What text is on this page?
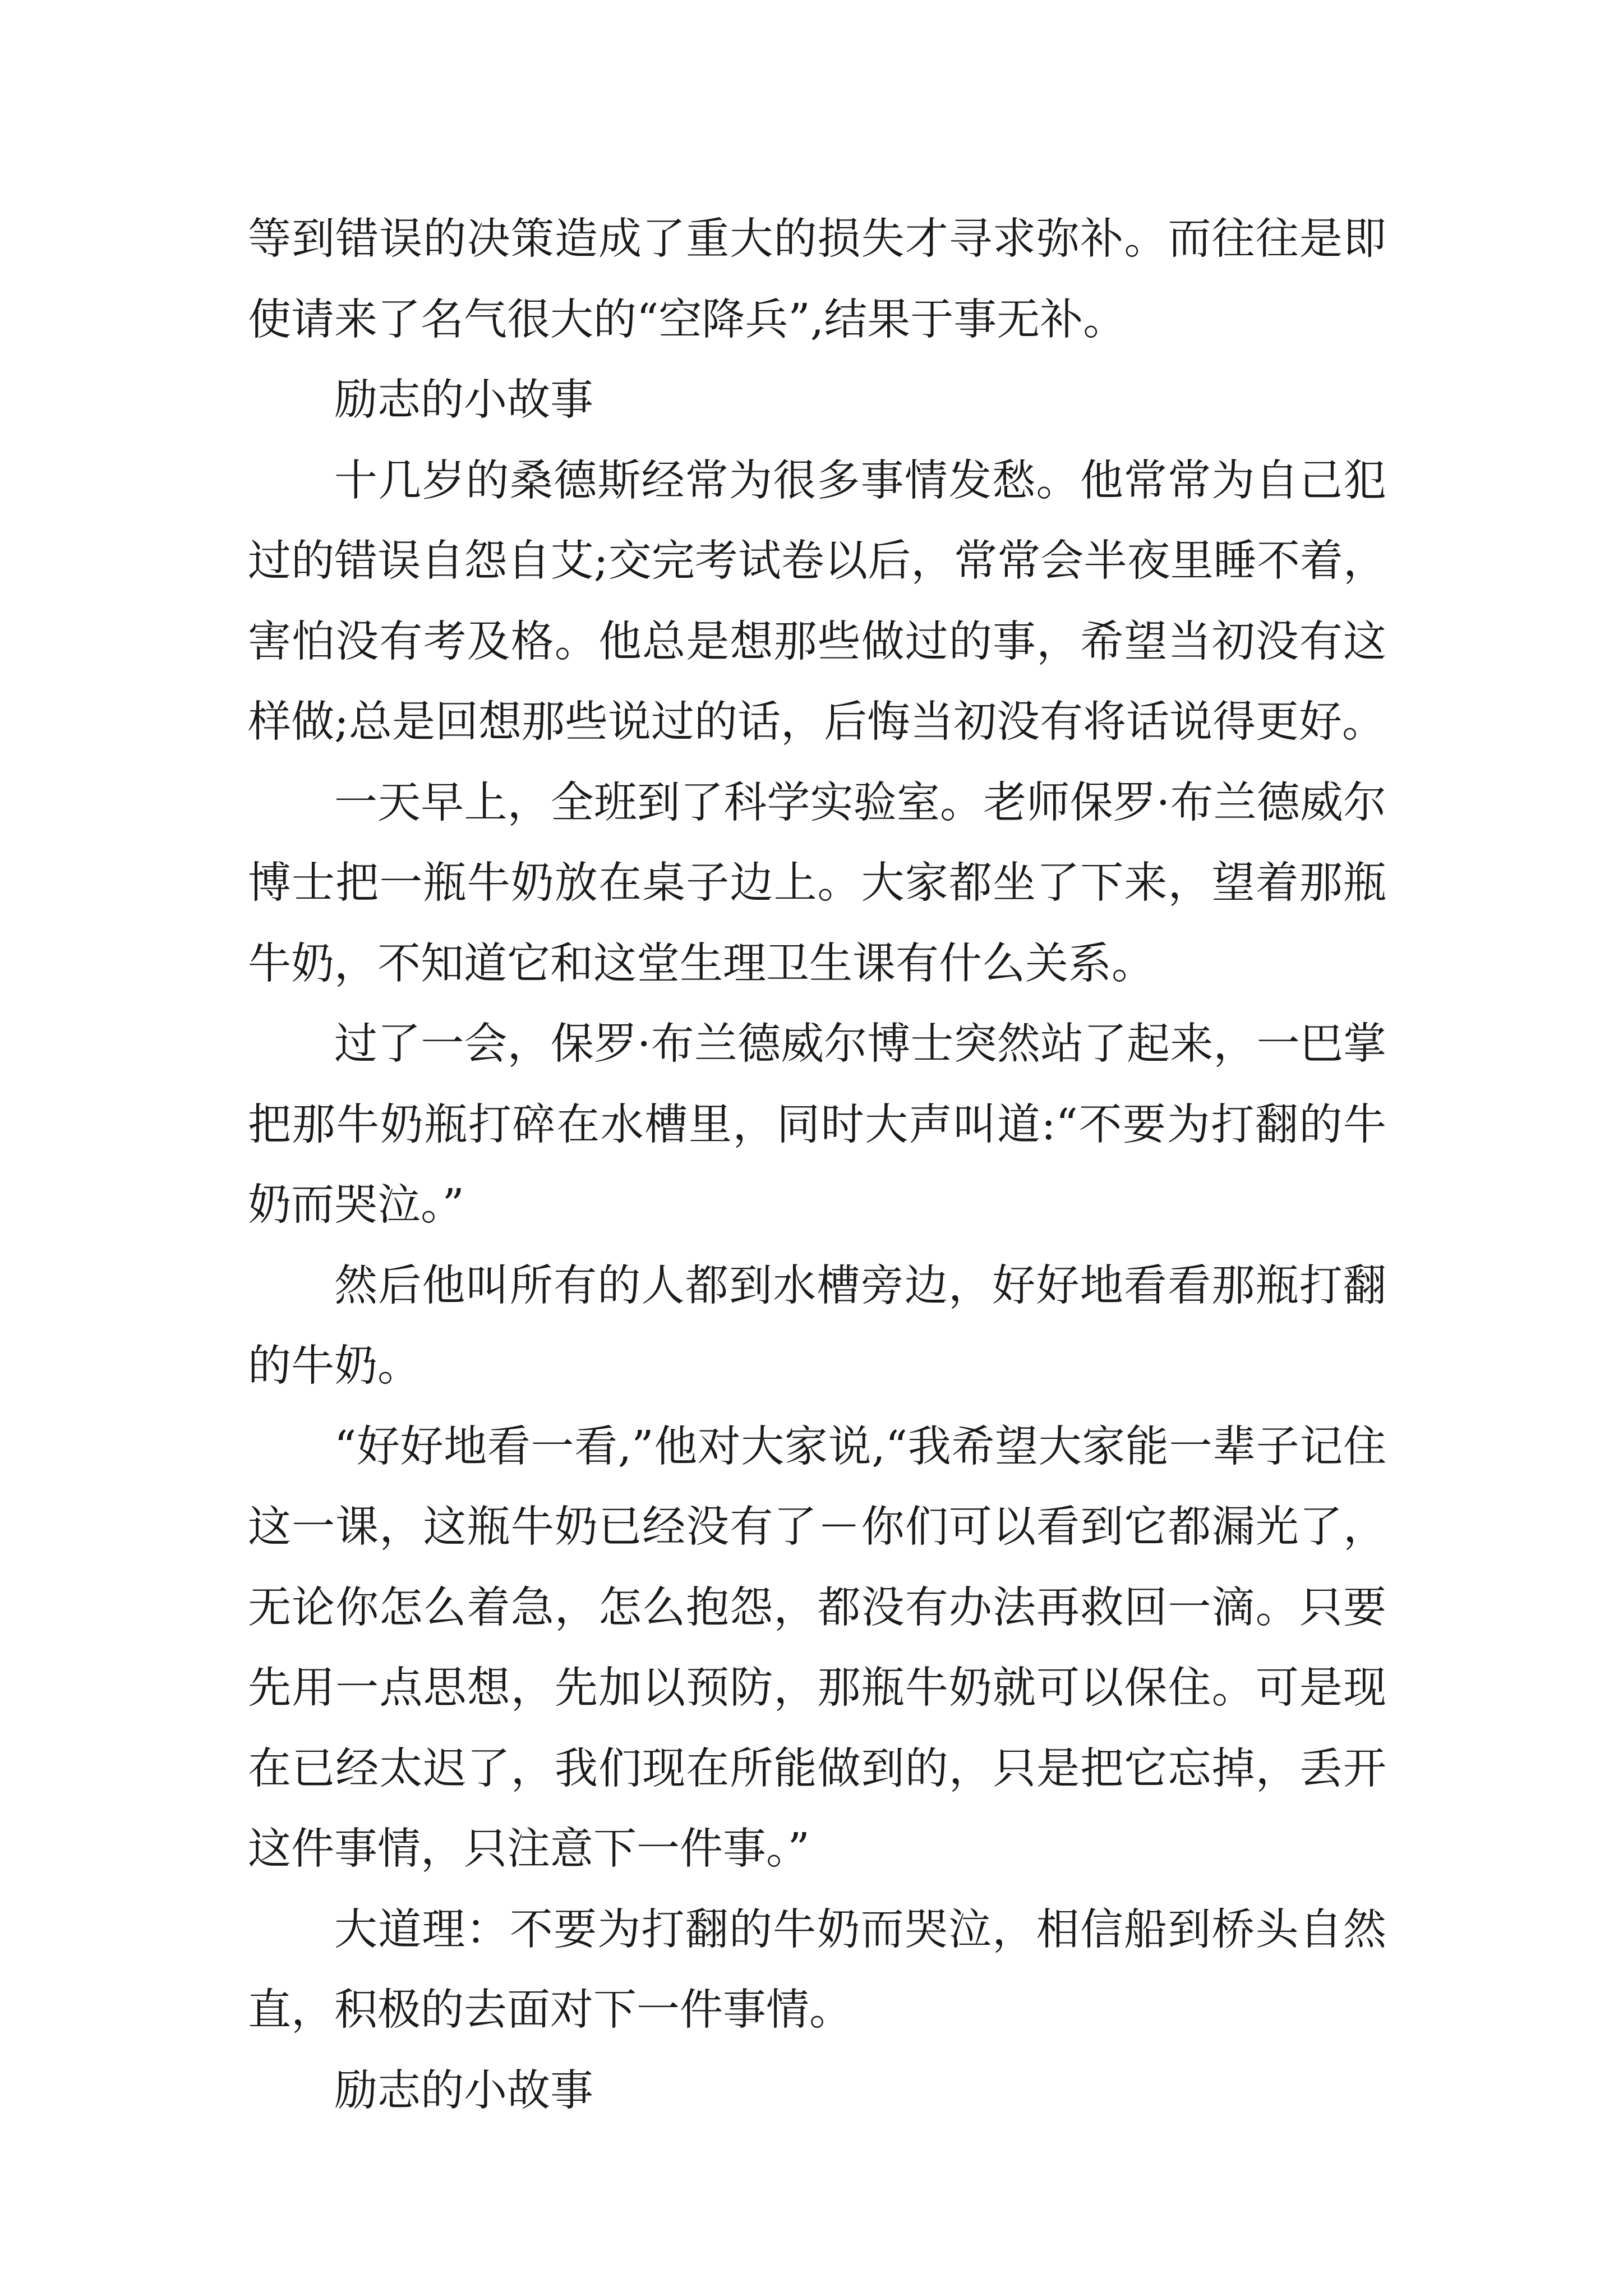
等到错误的决策造成了重大的损失才寻求弥补。而往往是即使请来了名气很大的“空降兵”,结果于事无补。

励志的小故事

十几岁的桑德斯经常为很多事情发愁。他常常为自己犯过的错误自怨自艾;交完考试卷以后，常常会半夜里睡不着，害怕没有考及格。他总是想那些做过的事，希望当初没有这样做;总是回想那些说过的话，后悔当初没有将话说得更好。

一天早上，全班到了科学实验室。老师保罗·布兰德威尔博士把一瓶牛奶放在桌子边上。大家都坐了下来，望着那瓶牛奶，不知道它和这堂生理卫生课有什么关系。

过了一会，保罗·布兰德威尔博士突然站了起来，一巴掌把那牛奶瓶打碎在水槽里，同时大声叫道:“不要为打翻的牛奶而哭泣。”

然后他叫所有的人都到水槽旁边，好好地看看那瓶打翻的牛奶。

“好好地看一看,”他对大家说,“我希望大家能一辈子记住这一课，这瓶牛奶已经没有了－你们可以看到它都漏光了，无论你怎么着急，怎么抱怨，都没有办法再救回一滴。只要先用一点思想，先加以预防，那瓶牛奶就可以保住。可是现在已经太迟了，我们现在所能做到的，只是把它忘掉，丢开这件事情，只注意下一件事。”

大道理：不要为打翻的牛奶而哭泣，相信船到桥头自然直，积极的去面对下一件事情。

励志的小故事
